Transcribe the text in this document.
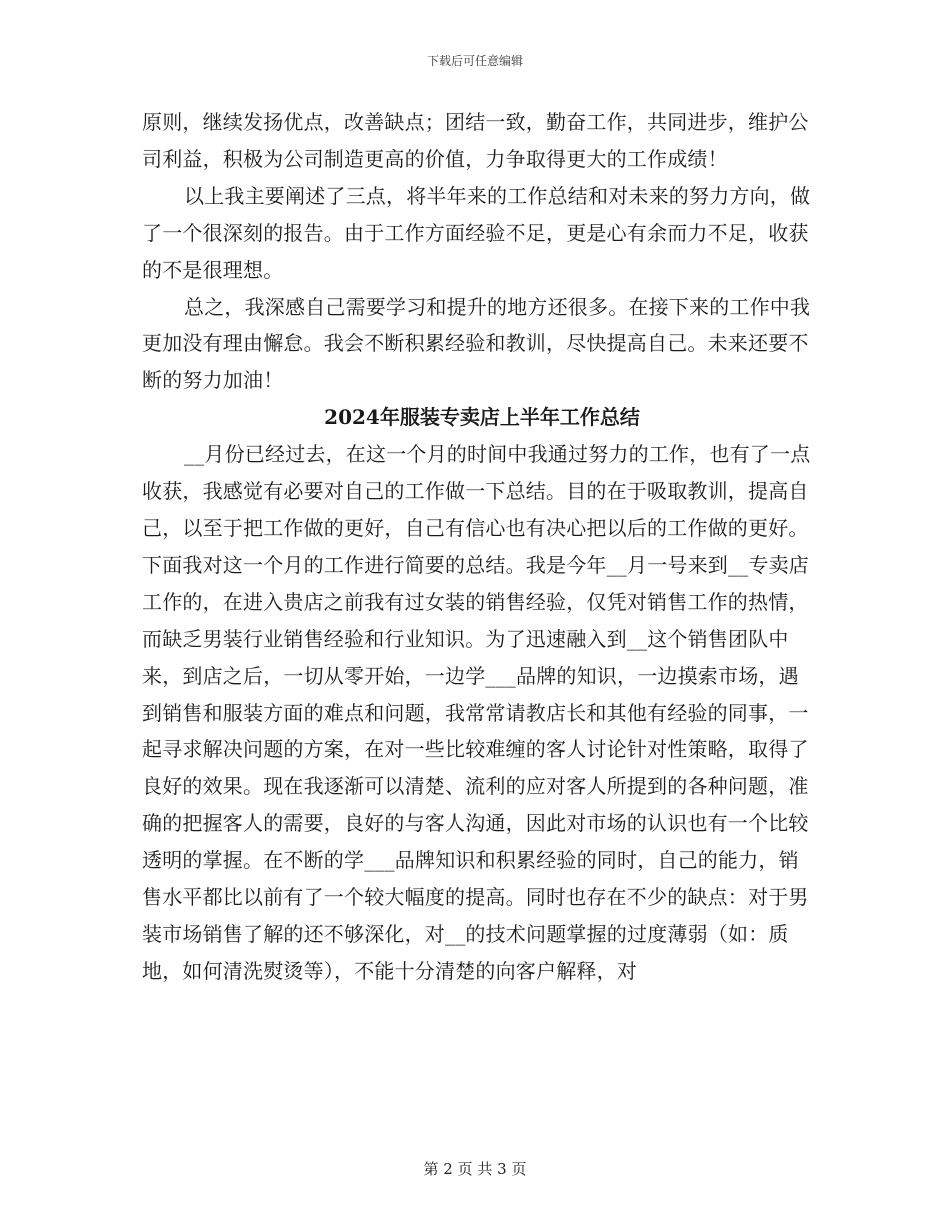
下载后可任意编辑

原则，继续发扬优点，改善缺点；团结一致，勤奋工作，共同进步，维护公司利益，积极为公司制造更高的价值，力争取得更大的工作成绩！

以上我主要阐述了三点，将半年来的工作总结和对未来的努力方向，做了一个很深刻的报告。由于工作方面经验不足，更是心有余而力不足，收获的不是很理想。

总之，我深感自己需要学习和提升的地方还很多。在接下来的工作中我更加没有理由懈怠。我会不断积累经验和教训，尽快提高自己。未来还要不断的努力加油！

2024年服装专卖店上半年工作总结

__月份已经过去，在这一个月的时间中我通过努力的工作，也有了一点收获，我感觉有必要对自己的工作做一下总结。目的在于吸取教训，提高自己，以至于把工作做的更好，自己有信心也有决心把以后的工作做的更好。下面我对这一个月的工作进行简要的总结。我是今年__月一号来到__专卖店工作的，在进入贵店之前我有过女装的销售经验，仅凭对销售工作的热情，而缺乏男装行业销售经验和行业知识。为了迅速融入到__这个销售团队中来，到店之后，一切从零开始，一边学___品牌的知识，一边摸索市场，遇到销售和服装方面的难点和问题，我常常请教店长和其他有经验的同事，一起寻求解决问题的方案，在对一些比较难缠的客人讨论针对性策略，取得了良好的效果。现在我逐渐可以清楚、流利的应对客人所提到的各种问题，准确的把握客人的需要，良好的与客人沟通，因此对市场的认识也有一个比较透明的掌握。在不断的学___品牌知识和积累经验的同时，自己的能力，销售水平都比以前有了一个较大幅度的提高。同时也存在不少的缺点：对于男装市场销售了解的还不够深化，对__的技术问题掌握的过度薄弱（如：质地，如何清洗熨烫等），不能十分清楚的向客户解释，对

第 2 页 共 3 页
